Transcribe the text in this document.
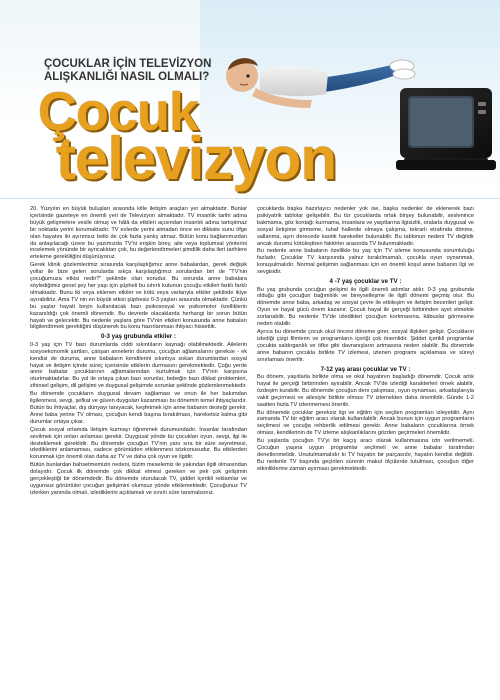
ÇOCUKLAR İÇİN TELEVİZYON ALIŞKANLIĞI NASIL OLMALI?
Çocuk
televizyon

20. Yüzyılın en büyük buluşları arasında kitle iletişim araçları yer almaktadır. Bunlar içerisinde gazeteye en önemli yeri de Televizyon almaktadır. TV insanlık tarihi adına büyük gelişmelere vesile olmuş ve hâlâ da etkileri açısından insanlık adına tartışılmaz bir noktada yerini korumaktadır. TV evlerde yerini almadan önce en dikkate sunu öfge olan hayatını iki ayırımsız belki de çok fazla yanlış atmaz. Bütün konu bağlanımızdan da anlaşılacağı üzere bu yazımızda TV'ni erişkin birey, aile veya toplumsal yönlerini incelemek yönünde bir ayrıcalıktan çok, bu değerlendirmeleri şimdilik daha ileri tarihlere erteleme gerekliliğini düşünüyoruz.

Gerek klinik gözlemlerimiz sırasında karşılaştığımız anne babalardan, gerek değişik yollar ile bize gelen sorularda sıkça karşılaştığımız sorulardan biri de "TV'nin çocuğumuza etkisi nedir?" şeklinde olan sorudur. Bu sorunda anne babalara söylediğimiz genel şey her yaşı için şüpheli bu sıhırlı kutunun çocuğu etkileri farklı farklı olmaktadır. Bunu iki veya eklenen etkiler ve kötü veya varlarıyla etkiler şeklinde ikiye ayırabiliriz. Ama TV nin en büyük etkisi şüphesiz 0-3 yaşları arasında olmaktadır. Çünkü bu yaşlar hayati beyin kullanılacak bazı psikososyal ve psikomotor özelliklerin kazanıldığı çok önemli dönemdir. Bu devrede olacaklarda herhangi bir sorun bütün hayatı ve gelecektir. Bu nedenle yaşlara göre TV'nin etkileri konusunda anne babaları bilgilendirmek gerektiğini düşünerek bu konu hazırlanması ihtiyacı hissettik.

0-3 yaş grubunda etkiler :

0-3 yaş için TV bazı durumlarda ciddi sıkıntıların kaynağı olabilmektedir. Ailelerin sosyoekonomik şartları, çalışan annelerin durumu, çocuğun ağlamalarını gerekse - ek kendisi de duruma, anne babaların kendilerini sıkıntıya sokan durumlardan sosyal hayat ve iletişim içinde süreç içerisinde etkilerin durmasını gerekmektedir. Çoğu yerde anne babalar çocuklarının ağlamalarından kurtulmak için TV'nin karşısına oturtmaktadırlar. Bu yol ile ortaya çıkan bazı sorunlar, bebeğin bazı dikkat problemleri, zihinsel gelişim, dil gelişimi ve duygusal gelişimde sorunlar şeklinde gözlemlenmektedir.

Bu dönemde çocukların duygusal devam sağlaması ve onun ile her bakımdan ilgilenmesi, sevgi, şefkat ve güven duyguları kazanması bu dönemin temel ihtiyaçlarıdır. Bütün bu ihtiyaçlar, dış dünyayı tanıyacak, keşfetmek için anne babanın desteği gerekir. Anne baba yerine TV olması, çocuğun kendi başına bırakılması, hareketsiz kalma gibi durumlar ortaya çıkar.

Çocuk sosyal ortamda iletişim kurmayı öğrenmek durumundadır. İnsanlar tarafından sevilmek için onları anlaması gerekir. Duygusal yönde bu çocukları oyun, sevgi, ilgi ile desteklemek gereklidir. Bu dönemde çocuğun TV'nin yanı sıra bir süre seyretmesi, izlediklerini anlamaması, sadece görüntüden etkilenmesi sözkonusudur. Bu etkilerden korunmak için önemli olan daha az TV ve daha çok oyun ve ilgidir.

Bütün bunlardan bahsetmemizin nedeni, bizim meselemiz ile yakından ilgili olmasından dolayıdır. Çocuk ilk dönemde çok dikkat etmesi gereken ve pek çok gelişimin gerçekleştiği bir dönemdedir. Bu dönemde oturulacak TV, şiddet içerikli reklamlar ve uygunsuz görüntüler çocuğun gelişimini olumsuz yönde etkilemektedir. Çocuğunuz TV izlerken yanında olmalı, izlediklerini açıklamalı ve sınırlı süre tanımalısınız.

çocuklarda başka hazırlayıcı nedenler yok ise, başka nedenler de eklenerek bazı psikiyatrik tablolar gelişebilir. Bu tür çocuklarda ortak birşey bulunabilir, seslenince bakmama, göz kontağı kurmama, insanlara ve yaşıtlarına ilgisizlik, oralarla duygusal ve sosyal iletişime girmeme, tuhaf hallerde olmaya çalışma, tekrarlı etrafında dönme, sallanma, aşırı derecede kaotik hareketler bulunabilir. Bu tablonun nedeni TV değildir ancak durumu kötüleştiren faktörler arasında TV bulunmaktadır.

Bu nedenle anne babaların özellikle bu yaş için TV izleme konusunda sorumluluğu fazladır. Çocuklar TV karşısında yalnız bırakılmamalı, çocukla oyun oynanmalı, konuşulmalıdır. Normal gelişimin sağlanması için en önemli koşul anne babanın ilgi ve sevgisidir.

4 -7 yaş çocuklar ve TV :

Bu yaş grubunda çocuğun gelişimi ile ilgili önemli adımlar atılır. 0-3 yaş grubunda olduğu gibi çocuğun bağımlılık ve bireyselleşme ile ilgili dönemi geçmiş olur. Bu dönemde anne baba, arkadaş ve sosyal çevre ile etkileşim ve iletişim becerileri gelişir. Oyun ve hayal gücü önem kazanır. Çocuk hayal ile gerçeği birbirinden ayırt etmekte zorlanabilir. Bu nedenle TV'de izledikleri çocuğun korkmasına, kâbuslar görmesine neden olabilir.

Ayrıca bu dönemde çocuk okul öncesi döneme girer, sosyal ilişkileri gelişir. Çocukların izlediği çizgi filmlerin ve programların içeriği çok önemlidir. Şiddet içerikli programlar çocukta saldırganlık ve öfke gibi davranışların artmasına neden olabilir. Bu dönemde anne babanın çocukla birlikte TV izlemesi, izlenen programı açıklaması ve süreyi sınırlaması önerilir.

7-12 yaş arası çocuklar ve TV :

Bu dönem, yaşıtlarla birlikte olma ve okul hayatının başladığı dönemdir. Çocuk artık hayal ile gerçeği birbirinden ayırabilir. Ancak TV'de izlediği karakterleri örnek alabilir, özdeşim kurabilir. Bu dönemde çocuğun ders çalışması, oyun oynaması, arkadaşlarıyla vakit geçirmesi ve ailesiyle birlikte olması TV izlemekten daha önemlidir. Günde 1-2 saatten fazla TV izlenmemesi önerilir.

Bu dönemde çocuklar gereksiz ilgi ve eğitim için seçilen programları izleyebilir. Aynı zamanda TV bir eğitim aracı olarak kullanılabilir. Ancak bunun için uygun programların seçilmesi ve çocuğa rehberlik edilmesi gerekir. Anne babaların çocuklarına örnek olması, kendilerinin de TV izleme alışkanlıklarını gözden geçirmeleri önemlidir.

Bu yaşlarda çocuğun TV'yi bir kaçış aracı olarak kullanmasına izin verilmemeli. Çocuğun yaşına uygun programlar seçilmeli ve anne babalar tarafından denetlenmelidir. Unutulmamalıdır ki TV hayatın bir parçasıdır, hayatın kendisi değildir. Bu nedenle TV başında geçirilen sürenin makul ölçülerde tutulması, çocuğun diğer etkinliklerine zaman ayırması gerekmektedir.
